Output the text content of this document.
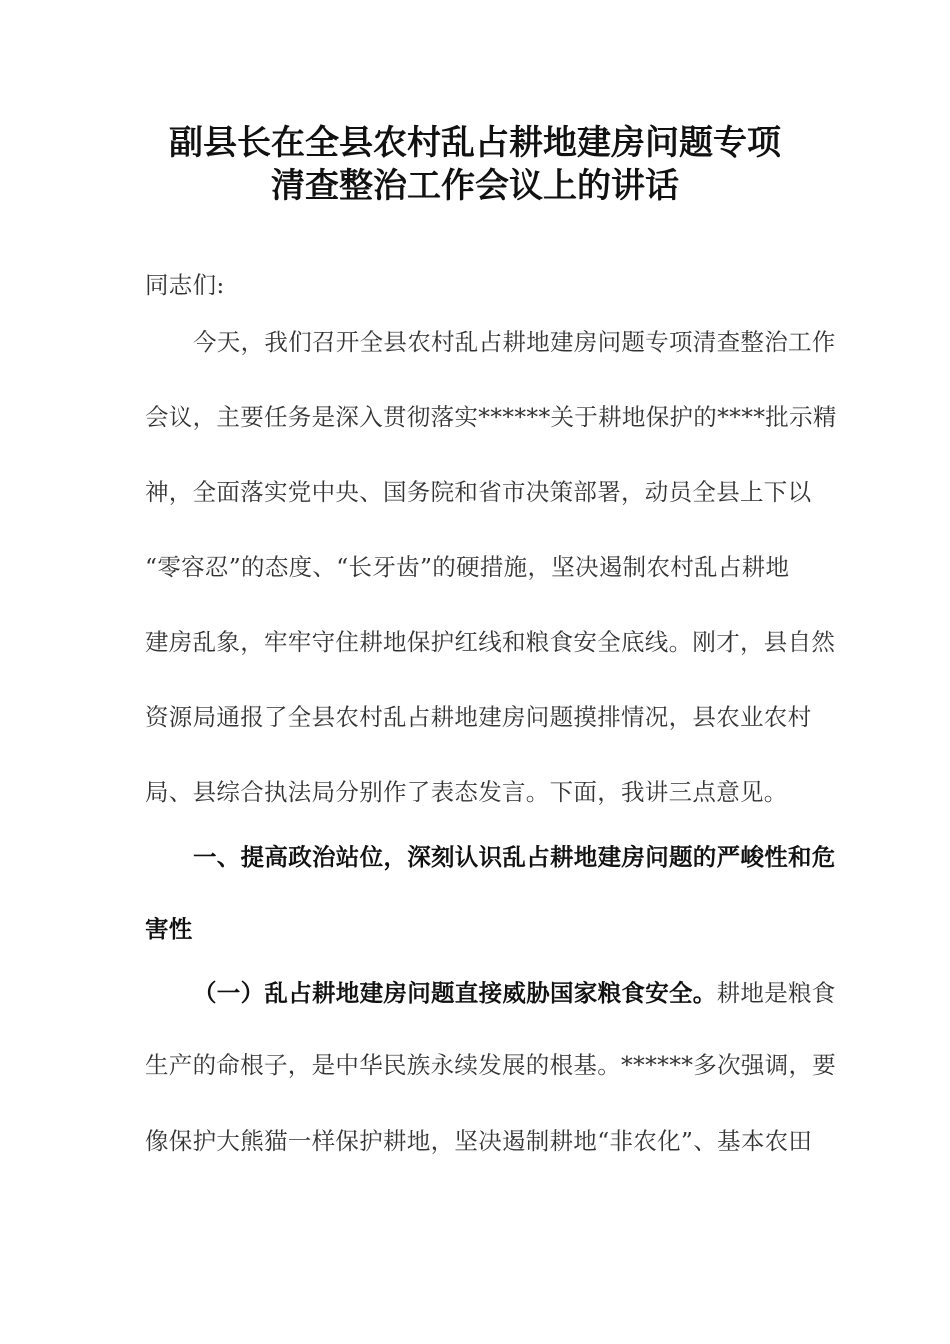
副县长在全县农村乱占耕地建房问题专项
清查整治工作会议上的讲话
同志们:
今天，我们召开全县农村乱占耕地建房问题专项清查整治工作
会议，主要任务是深入贯彻落实******关于耕地保护的****批示精
神，全面落实党中央、国务院和省市决策部署，动员全县上下以
“零容忍”的态度、“长牙齿”的硬措施，坚决遏制农村乱占耕地
建房乱象，牢牢守住耕地保护红线和粮食安全底线。刚才，县自然
资源局通报了全县农村乱占耕地建房问题摸排情况，县农业农村
局、县综合执法局分别作了表态发言。下面，我讲三点意见。
一、提高政治站位，深刻认识乱占耕地建房问题的严峻性和危
害性
（一）乱占耕地建房问题直接威胁国家粮食安全。耕地是粮食
生产的命根子，是中华民族永续发展的根基。******多次强调，要
像保护大熊猫一样保护耕地，坚决遏制耕地“非农化”、基本农田
